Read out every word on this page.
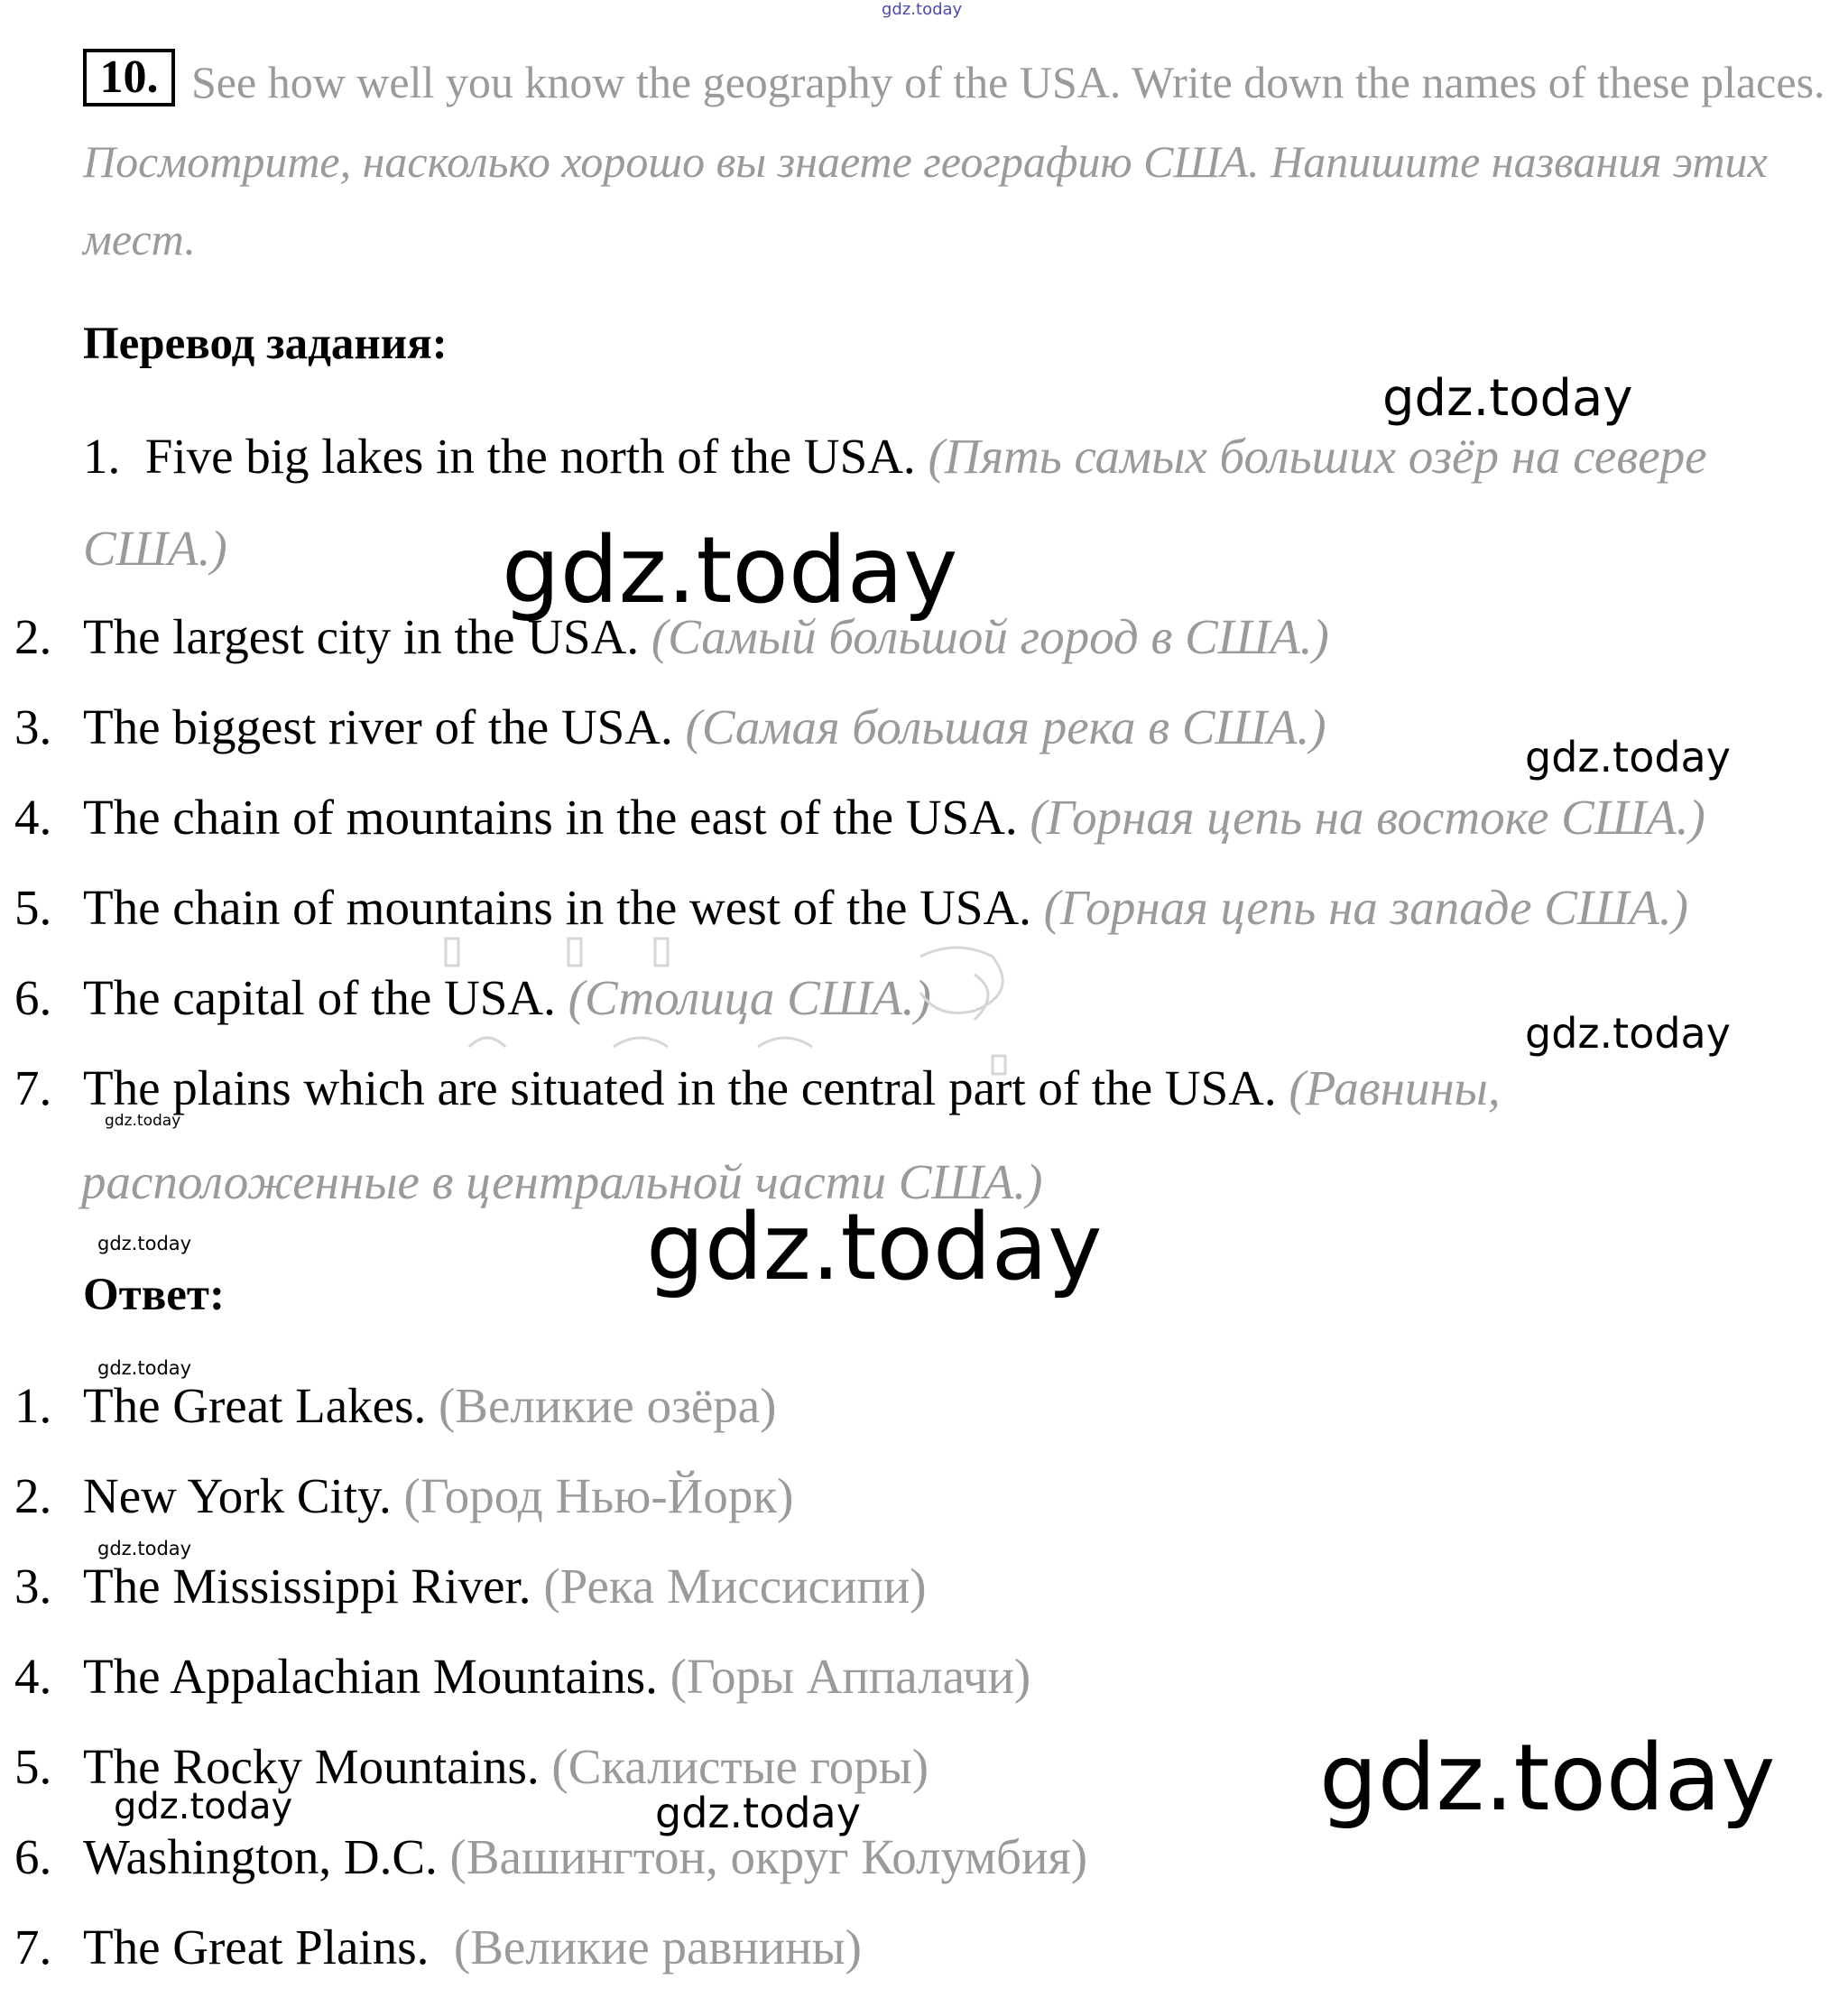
gdz.today
10. See how well you know the geography of the USA. Write down the names of these places.
Посмотрите, насколько хорошо вы знаете географию США. Напишите названия этих
мест.
Перевод задания:
1. Five big lakes in the north of the USA. (Пять самых больших озёр на севере
США.)
2. The largest city in the USA. (Самый большой город в США.)
3. The biggest river of the USA. (Самая большая река в США.)
4. The chain of mountains in the east of the USA. (Горная цепь на востоке США.)
5. The chain of mountains in the west of the USA. (Горная цепь на западе США.)
6. The capital of the USA. (Столица США.)
7. The plains which are situated in the central part of the USA. (Равнины,
расположенные в центральной части США.)
Ответ:
1. The Great Lakes. (Великие озёра)
2. New York City. (Город Нью-Йорк)
3. The Mississippi River. (Река Миссисипи)
4. The Appalachian Mountains. (Горы Аппалачи)
5. The Rocky Mountains. (Скалистые горы)
6. Washington, D.C. (Вашингтон, округ Колумбия)
7. The Great Plains. (Великие равнины)
gdz.today
gdz.today
gdz.today
gdz.today
gdz.today
gdz.today
gdz.today
gdz.today
gdz.today
gdz.today
gdz.today	gdz.today
